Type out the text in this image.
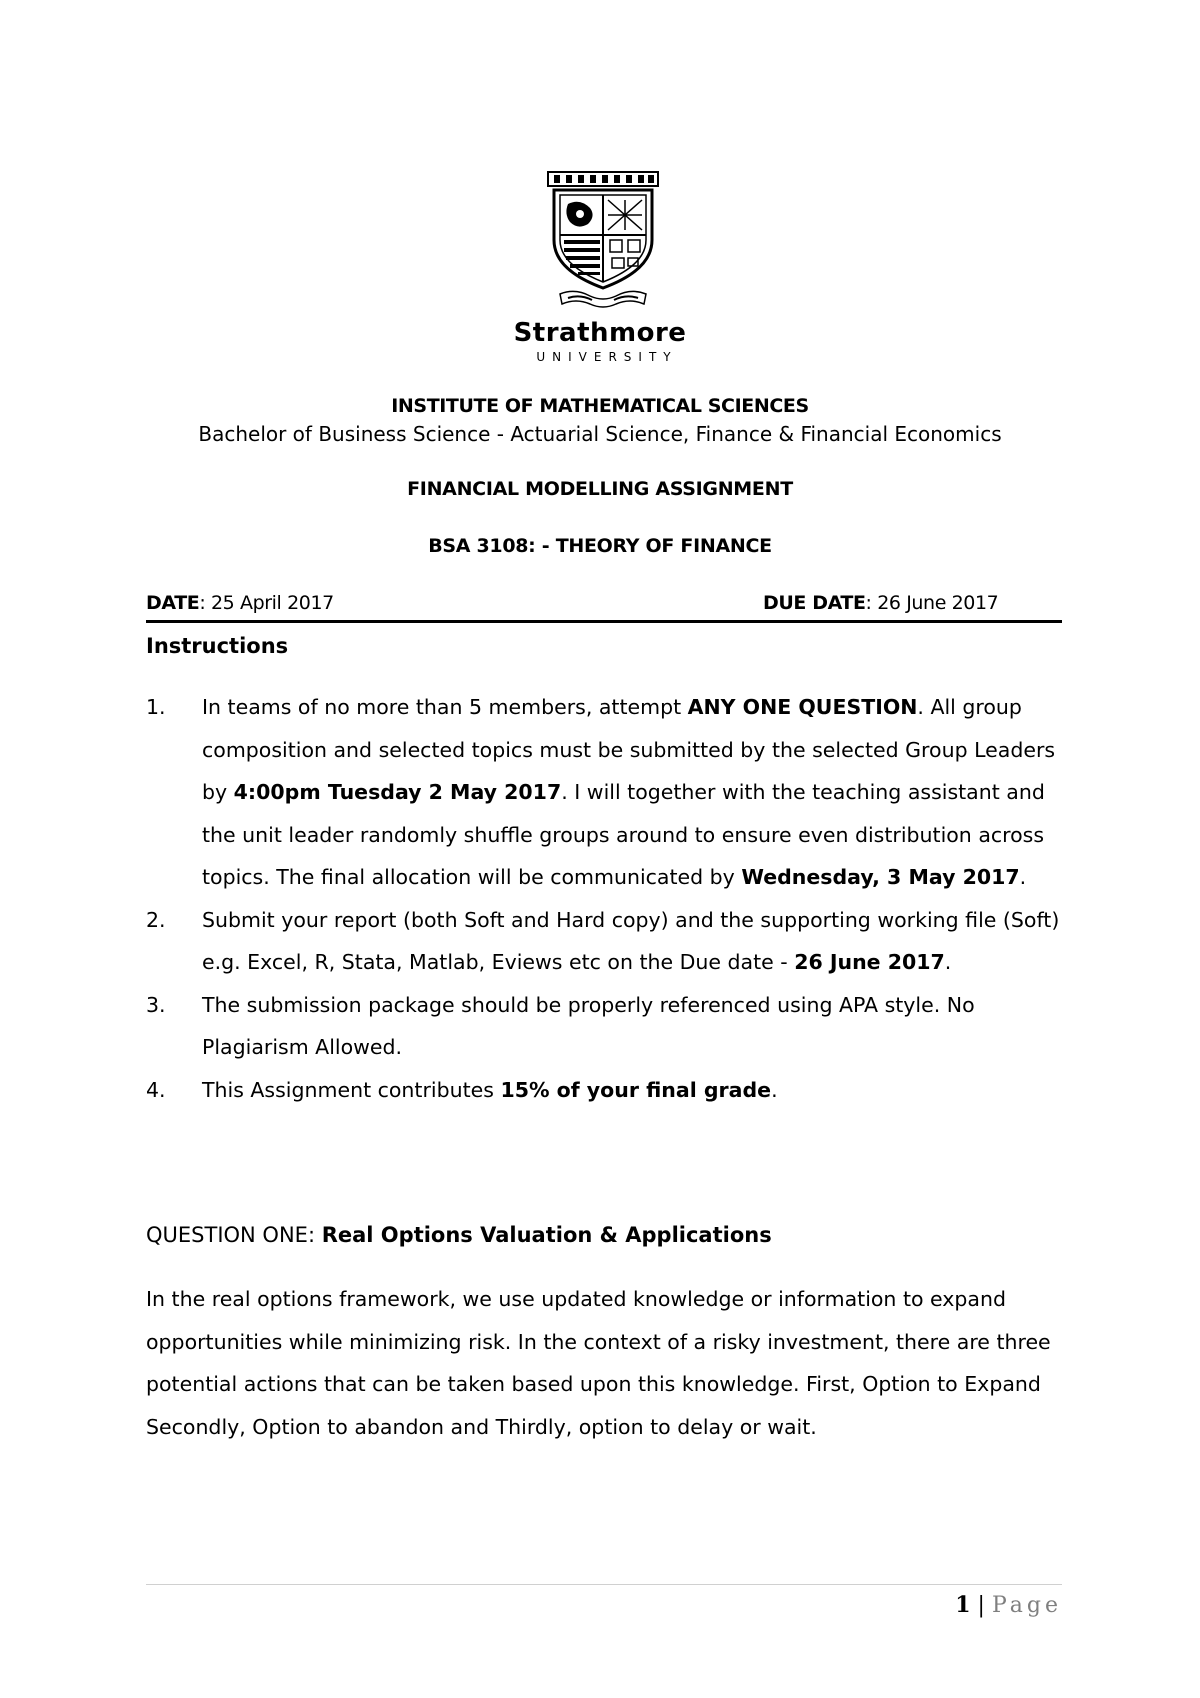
Strathmore
UNIVERSITY
INSTITUTE OF MATHEMATICAL SCIENCES
Bachelor of Business Science - Actuarial Science, Finance & Financial Economics
FINANCIAL MODELLING ASSIGNMENT
BSA 3108: - THEORY OF FINANCE
DATE: 25 April 2017	DUE DATE: 26 June 2017
Instructions
1. In teams of no more than 5 members, attempt ANY ONE QUESTION. All group composition and selected topics must be submitted by the selected Group Leaders by 4:00pm Tuesday 2 May 2017. I will together with the teaching assistant and the unit leader randomly shuffle groups around to ensure even distribution across topics. The final allocation will be communicated by Wednesday, 3 May 2017.
2. Submit your report (both Soft and Hard copy) and the supporting working file (Soft) e.g. Excel, R, Stata, Matlab, Eviews etc on the Due date - 26 June 2017.
3. The submission package should be properly referenced using APA style. No Plagiarism Allowed.
4. This Assignment contributes 15% of your final grade.
QUESTION ONE: Real Options Valuation & Applications

In the real options framework, we use updated knowledge or information to expand opportunities while minimizing risk. In the context of a risky investment, there are three potential actions that can be taken based upon this knowledge. First, Option to Expand Secondly, Option to abandon and Thirdly, option to delay or wait.

1 | Page
